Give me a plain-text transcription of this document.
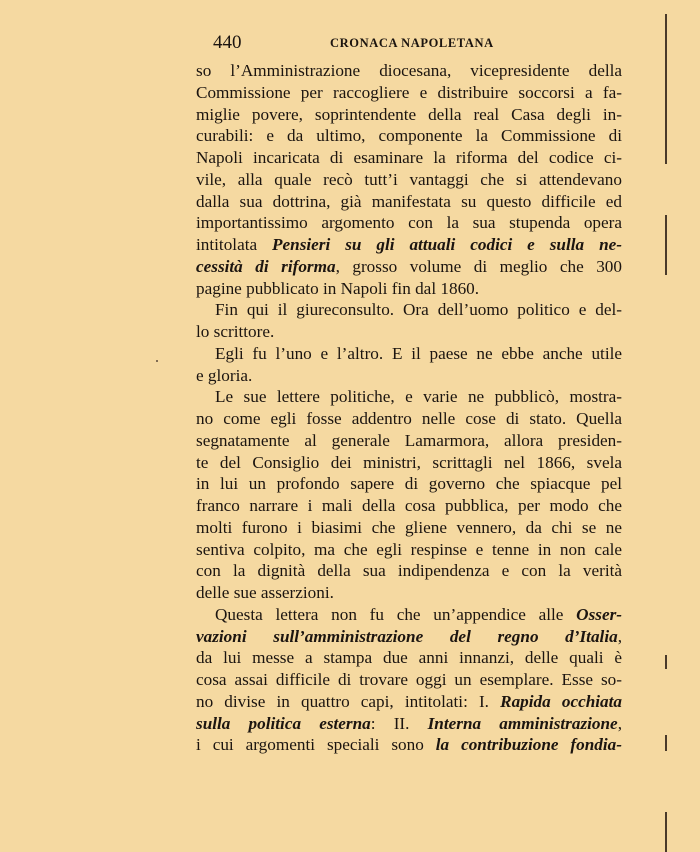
440	CRONACA NAPOLETANA
so l’Amministrazione diocesana, vicepresidente della
Commissione per raccogliere e distribuire soccorsi a fa-
miglie povere, soprintendente della real Casa degli in-
curabili: e da ultimo, componente la Commissione di
Napoli incaricata di esaminare la riforma del codice ci-
vile, alla quale recò tutt’i vantaggi che si attendevano
dalla sua dottrina, già manifestata su questo difficile ed
importantissimo argomento con la sua stupenda opera
intitolata Pensieri su gli attuali codici e sulla ne-
cessità di riforma, grosso volume di meglio che 300
pagine pubblicato in Napoli fin dal 1860.
Fin qui il giureconsulto. Ora dell’uomo politico e del-
lo scrittore.
Egli fu l’uno e l’altro. E il paese ne ebbe anche utile
e gloria.
Le sue lettere politiche, e varie ne pubblicò, mostra-
no come egli fosse addentro nelle cose di stato. Quella
segnatamente al generale Lamarmora, allora presiden-
te del Consiglio dei ministri, scrittagli nel 1866, svela
in lui un profondo sapere di governo che spiacque pel
franco narrare i mali della cosa pubblica, per modo che
molti furono i biasimi che gliene vennero, da chi se ne
sentiva colpito, ma che egli respinse e tenne in non cale
con la dignità della sua indipendenza e con la verità
delle sue asserzioni.
Questa lettera non fu che un’appendice alle Osser-
vazioni sull’amministrazione del regno d’Italia,
da lui messe a stampa due anni innanzi, delle quali è
cosa assai difficile di trovare oggi un esemplare. Esse so-
no divise in quattro capi, intitolati: I. Rapida occhiata
sulla politica esterna: II. Interna amministrazione,
i cui argomenti speciali sono la contribuzione fondia-
